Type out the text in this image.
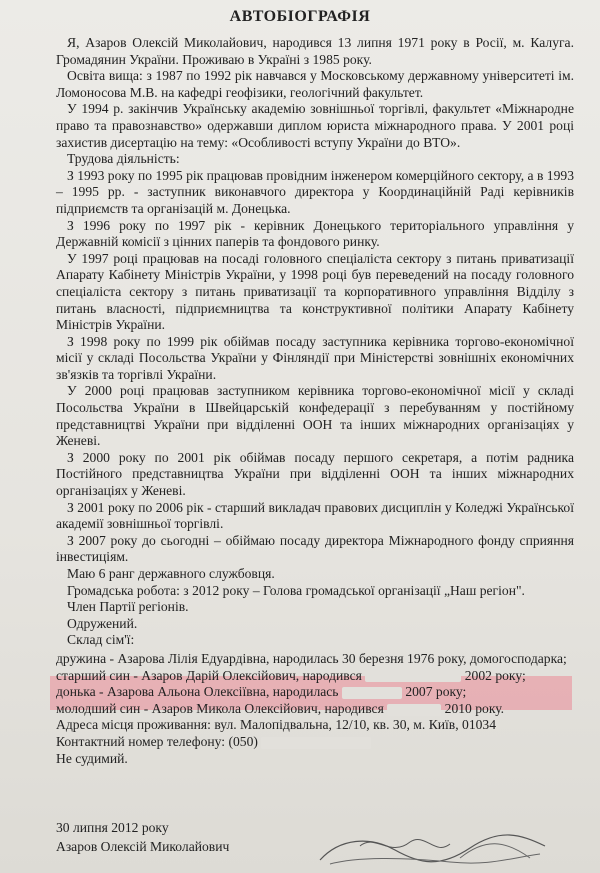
АВТОБІОГРАФІЯ

Я, Азаров Олексій Миколайович, народився 13 липня 1971 року в Росії, м. Калуга. Громадянин України. Проживаю в Україні з 1985 року.

Освіта вища: з 1987 по 1992 рік навчався у Московському державному університеті ім. Ломоносова М.В. на кафедрі геофізики, геологічний факультет.

У 1994 р. закінчив Українську академію зовнішньої торгівлі, факультет «Міжнародне право та правознавство» одержавши диплом юриста міжнародного права. У 2001 році захистив дисертацію на тему: «Особливості вступу України до ВТО».

Трудова діяльність:

З 1993 року по 1995 рік працював провідним інженером комерційного сектору, а в 1993 – 1995 рр. - заступник виконавчого директора у Координаційній Раді керівників підприємств та організацій м. Донецька.

З 1996 року по 1997 рік - керівник Донецького територіального управління у Державній комісії з цінних паперів та фондового ринку.

У 1997 році працював на посаді головного спеціаліста сектору з питань приватизації Апарату Кабінету Міністрів України, у 1998 році був переведений на посаду головного спеціаліста сектору з питань приватизації та корпоративного управління Відділу з питань власності, підприємництва та конструктивної політики Апарату Кабінету Міністрів України.

З 1998 року по 1999 рік обіймав посаду заступника керівника торгово-економічної місії у складі Посольства України у Фінляндії при Міністерстві зовнішніх економічних зв'язків та торгівлі України.

У 2000 році працював заступником керівника торгово-економічної місії у складі Посольства України в Швейцарській конфедерації з перебуванням у постійному представництві України при відділенні ООН та інших міжнародних організаціях у Женеві.

З 2000 року по 2001 рік обіймав посаду першого секретаря, а потім радника Постійного представництва України при відділенні ООН та інших міжнародних організаціях у Женеві.

З 2001 року по 2006 рік - старший викладач правових дисциплін у Коледжі Української академії зовнішньої торгівлі.

З 2007 року до сьогодні – обіймаю посаду директора Міжнародного фонду сприяння інвестиціям.

Маю 6 ранг державного службовця.

Громадська робота: з 2012 року – Голова громадської організації „Наш регіон".

Член Партії регіонів.

Одружений.

Склад сім'ї:

дружина - Азарова Лілія Едуардівна, народилась 30 березня 1976 року, домогосподарка;

старший син - Азаров Дарій Олексійович, народився	2002 року;

донька - Азарова Альона Олексіївна, народилась	2007 року;

молодший син - Азаров Микола Олексійович, народився	2010 року.

Адреса місця проживання: вул. Малопідвальна, 12/10, кв. 30, м. Київ, 01034

Контактний номер телефону: (050)

Не судимий.

30 липня 2012 року

Азаров Олексій Миколайович
